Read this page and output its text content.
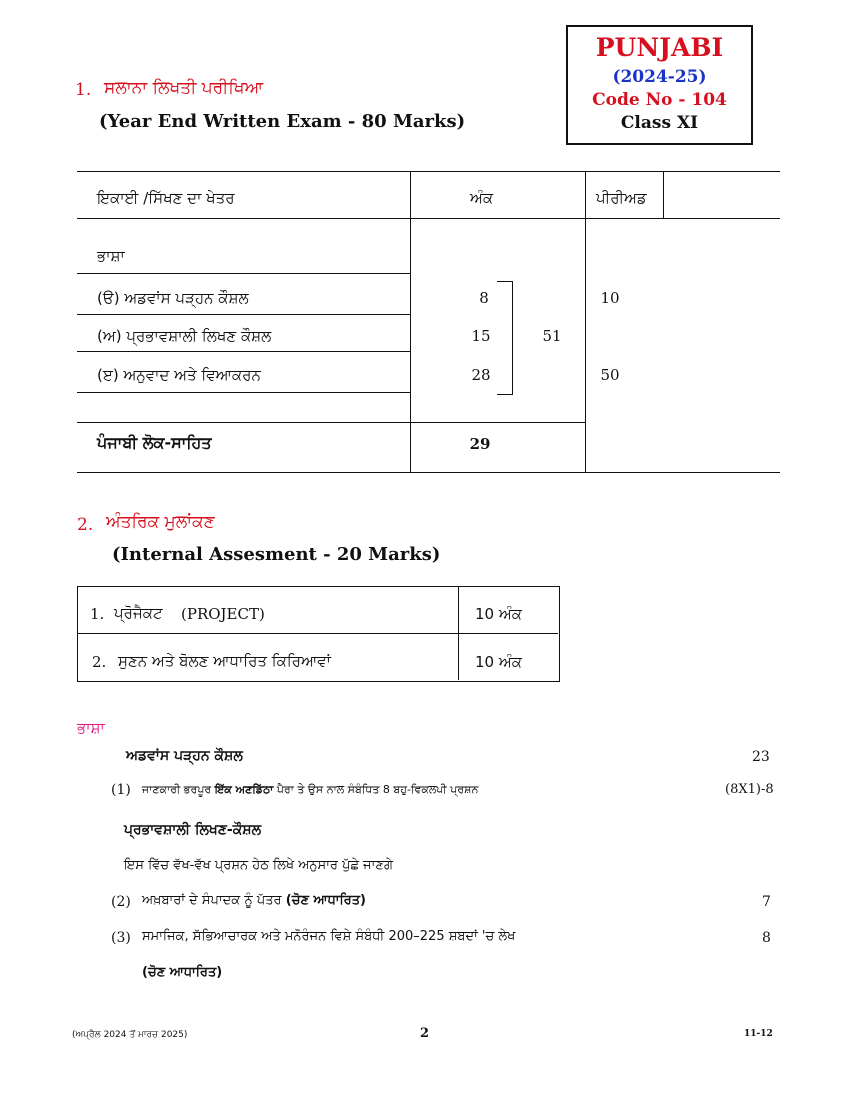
PUNJABI
(2024-25)
Code No - 104
Class XI
1. ਸਲਾਨਾ ਲਿਖਤੀ ਪਰੀਖਿਆ
(Year End Written Exam - 80 Marks)
ਇਕਾਈ /ਸਿੱਖਣ ਦਾ ਖੇਤਰ	ਅੰਕ	ਪੀਰੀਅਡ
ਭਾਸ਼ਾ
(ੳ) ਅਡਵਾਂਸ ਪੜ੍ਹਨ ਕੌਸ਼ਲ	8	10
(ਅ) ਪ੍ਰਭਾਵਸ਼ਾਲੀ ਲਿਖਣ ਕੌਸ਼ਲ	15
(ੲ) ਅਨੁਵਾਦ ਅਤੇ ਵਿਆਕਰਨ	28	50
51
ਪੰਜਾਬੀ ਲੋਕ-ਸਾਹਿਤ	29
2. ਅੰਤਰਿਕ ਮੁਲਾਂਕਣ
(Internal Assesment - 20 Marks)
1. ਪ੍ਰੋਜੈਕਟ (PROJECT)	10 ਅੰਕ
2. ਸੁਣਨ ਅਤੇ ਬੋਲਣ ਆਧਾਰਿਤ ਕਿਰਿਆਵਾਂ	10 ਅੰਕ
ਭਾਸ਼ਾ
ਅਡਵਾਂਸ ਪੜ੍ਹਨ ਕੌਸ਼ਲ	23
(1) ਜਾਣਕਾਰੀ ਭਰਪੂਰ ਇੱਕ ਅਣਡਿੱਠਾ ਪੈਰਾ ਤੇ ਉਸ ਨਾਲ ਸੰਬੰਧਿਤ 8 ਬਹੁ-ਵਿਕਲਪੀ ਪ੍ਰਸ਼ਨ	(8X1)-8
ਪ੍ਰਭਾਵਸ਼ਾਲੀ ਲਿਖਣ-ਕੌਸ਼ਲ
ਇਸ ਵਿੱਚ ਵੱਖ-ਵੱਖ ਪ੍ਰਸ਼ਨ ਹੇਠ ਲਿਖੇ ਅਨੁਸਾਰ ਪੁੱਛੇ ਜਾਣਗੇ
(2) ਅਖ਼ਬਾਰਾਂ ਦੇ ਸੰਪਾਦਕ ਨੂੰ ਪੱਤਰ (ਚੋਣ ਆਧਾਰਿਤ)	7
(3) ਸਮਾਜਿਕ, ਸੱਭਿਆਚਾਰਕ ਅਤੇ ਮਨੋਰੰਜਨ ਵਿਸ਼ੇ ਸੰਬੰਧੀ 200–225 ਸ਼ਬਦਾਂ 'ਚ ਲੇਖ	8
(ਚੋਣ ਆਧਾਰਿਤ)
(ਅਪ੍ਰੈਲ 2024 ਤੋਂ ਮਾਰਚ 2025)	2	11-12
